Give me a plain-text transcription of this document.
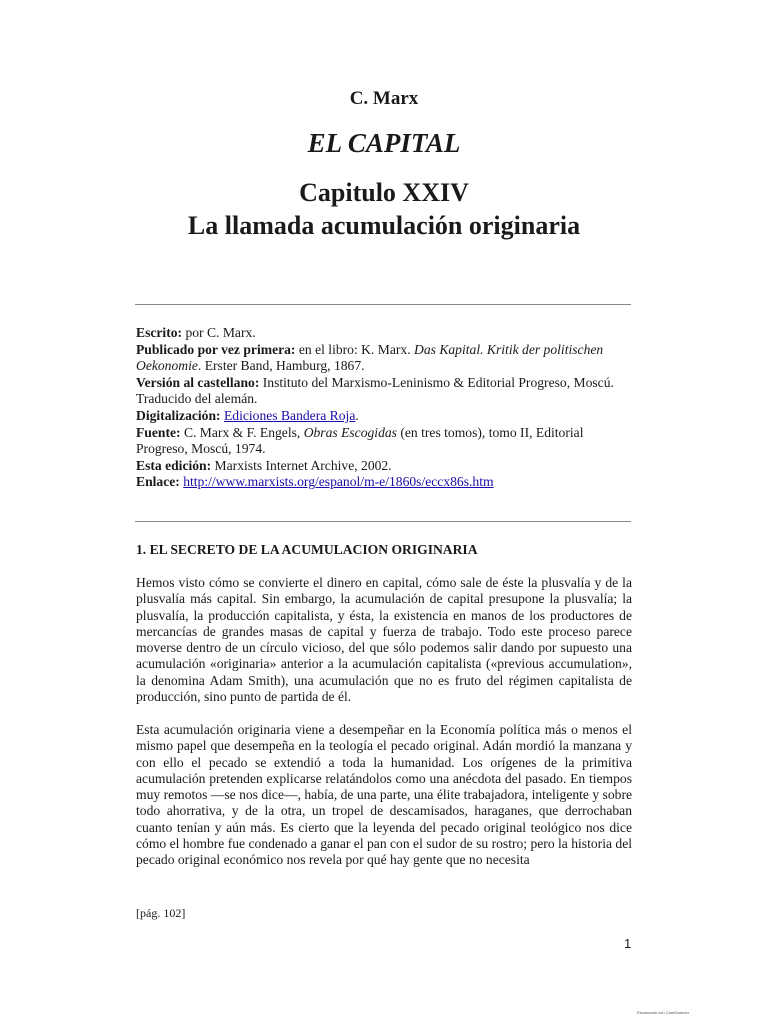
C. Marx
EL CAPITAL
Capitulo XXIV
La llamada acumulación originaria

Escrito: por C. Marx.

Publicado por vez primera: en el libro: K. Marx. Das Kapital. Kritik der politischen Oekonomie. Erster Band, Hamburg, 1867.

Versión al castellano: Instituto del Marxismo-Leninismo & Editorial Progreso, Moscú. Traducido del alemán.

Digitalización: Ediciones Bandera Roja.

Fuente: C. Marx & F. Engels, Obras Escogidas (en tres tomos), tomo II, Editorial Progreso, Moscú, 1974.

Esta edición: Marxists Internet Archive, 2002.

Enlace: http://www.marxists.org/espanol/m-e/1860s/eccx86s.htm

1. EL SECRETO DE LA ACUMULACION ORIGINARIA

Hemos visto cómo se convierte el dinero en capital, cómo sale de éste la plusvalía y de la plusvalía más capital. Sin embargo, la acumulación de capital presupone la plusvalía; la plusvalía, la producción capitalista, y ésta, la existencia en manos de los productores de mercancías de grandes masas de capital y fuerza de trabajo. Todo este proceso parece moverse dentro de un círculo vicioso, del que sólo podemos salir dando por supuesto una acumulación «originaria» anterior a la acumulación capitalista («previous accumulation», la denomina Adam Smith), una acumulación que no es fruto del régimen capitalista de producción, sino punto de partida de él.

Esta acumulación originaria viene a desempeñar en la Economía política más o menos el mismo papel que desempeña en la teología el pecado original. Adán mordió la manzana y con ello el pecado se extendió a toda la humanidad. Los orígenes de la primitiva acumulación pretenden explicarse relatándolos como una anécdota del pasado. En tiempos muy remotos —se nos dice—, había, de una parte, una élite trabajadora, inteligente y sobre todo ahorrativa, y de la otra, un tropel de descamisados, haraganes, que derrochaban cuanto tenían y aún más. Es cierto que la leyenda del pecado original teológico nos dice cómo el hombre fue condenado a ganar el pan con el sudor de su rostro; pero la historia del pecado original económico nos revela por qué hay gente que no necesita

[pág. 102]
1
Escaneado con CamScanner
